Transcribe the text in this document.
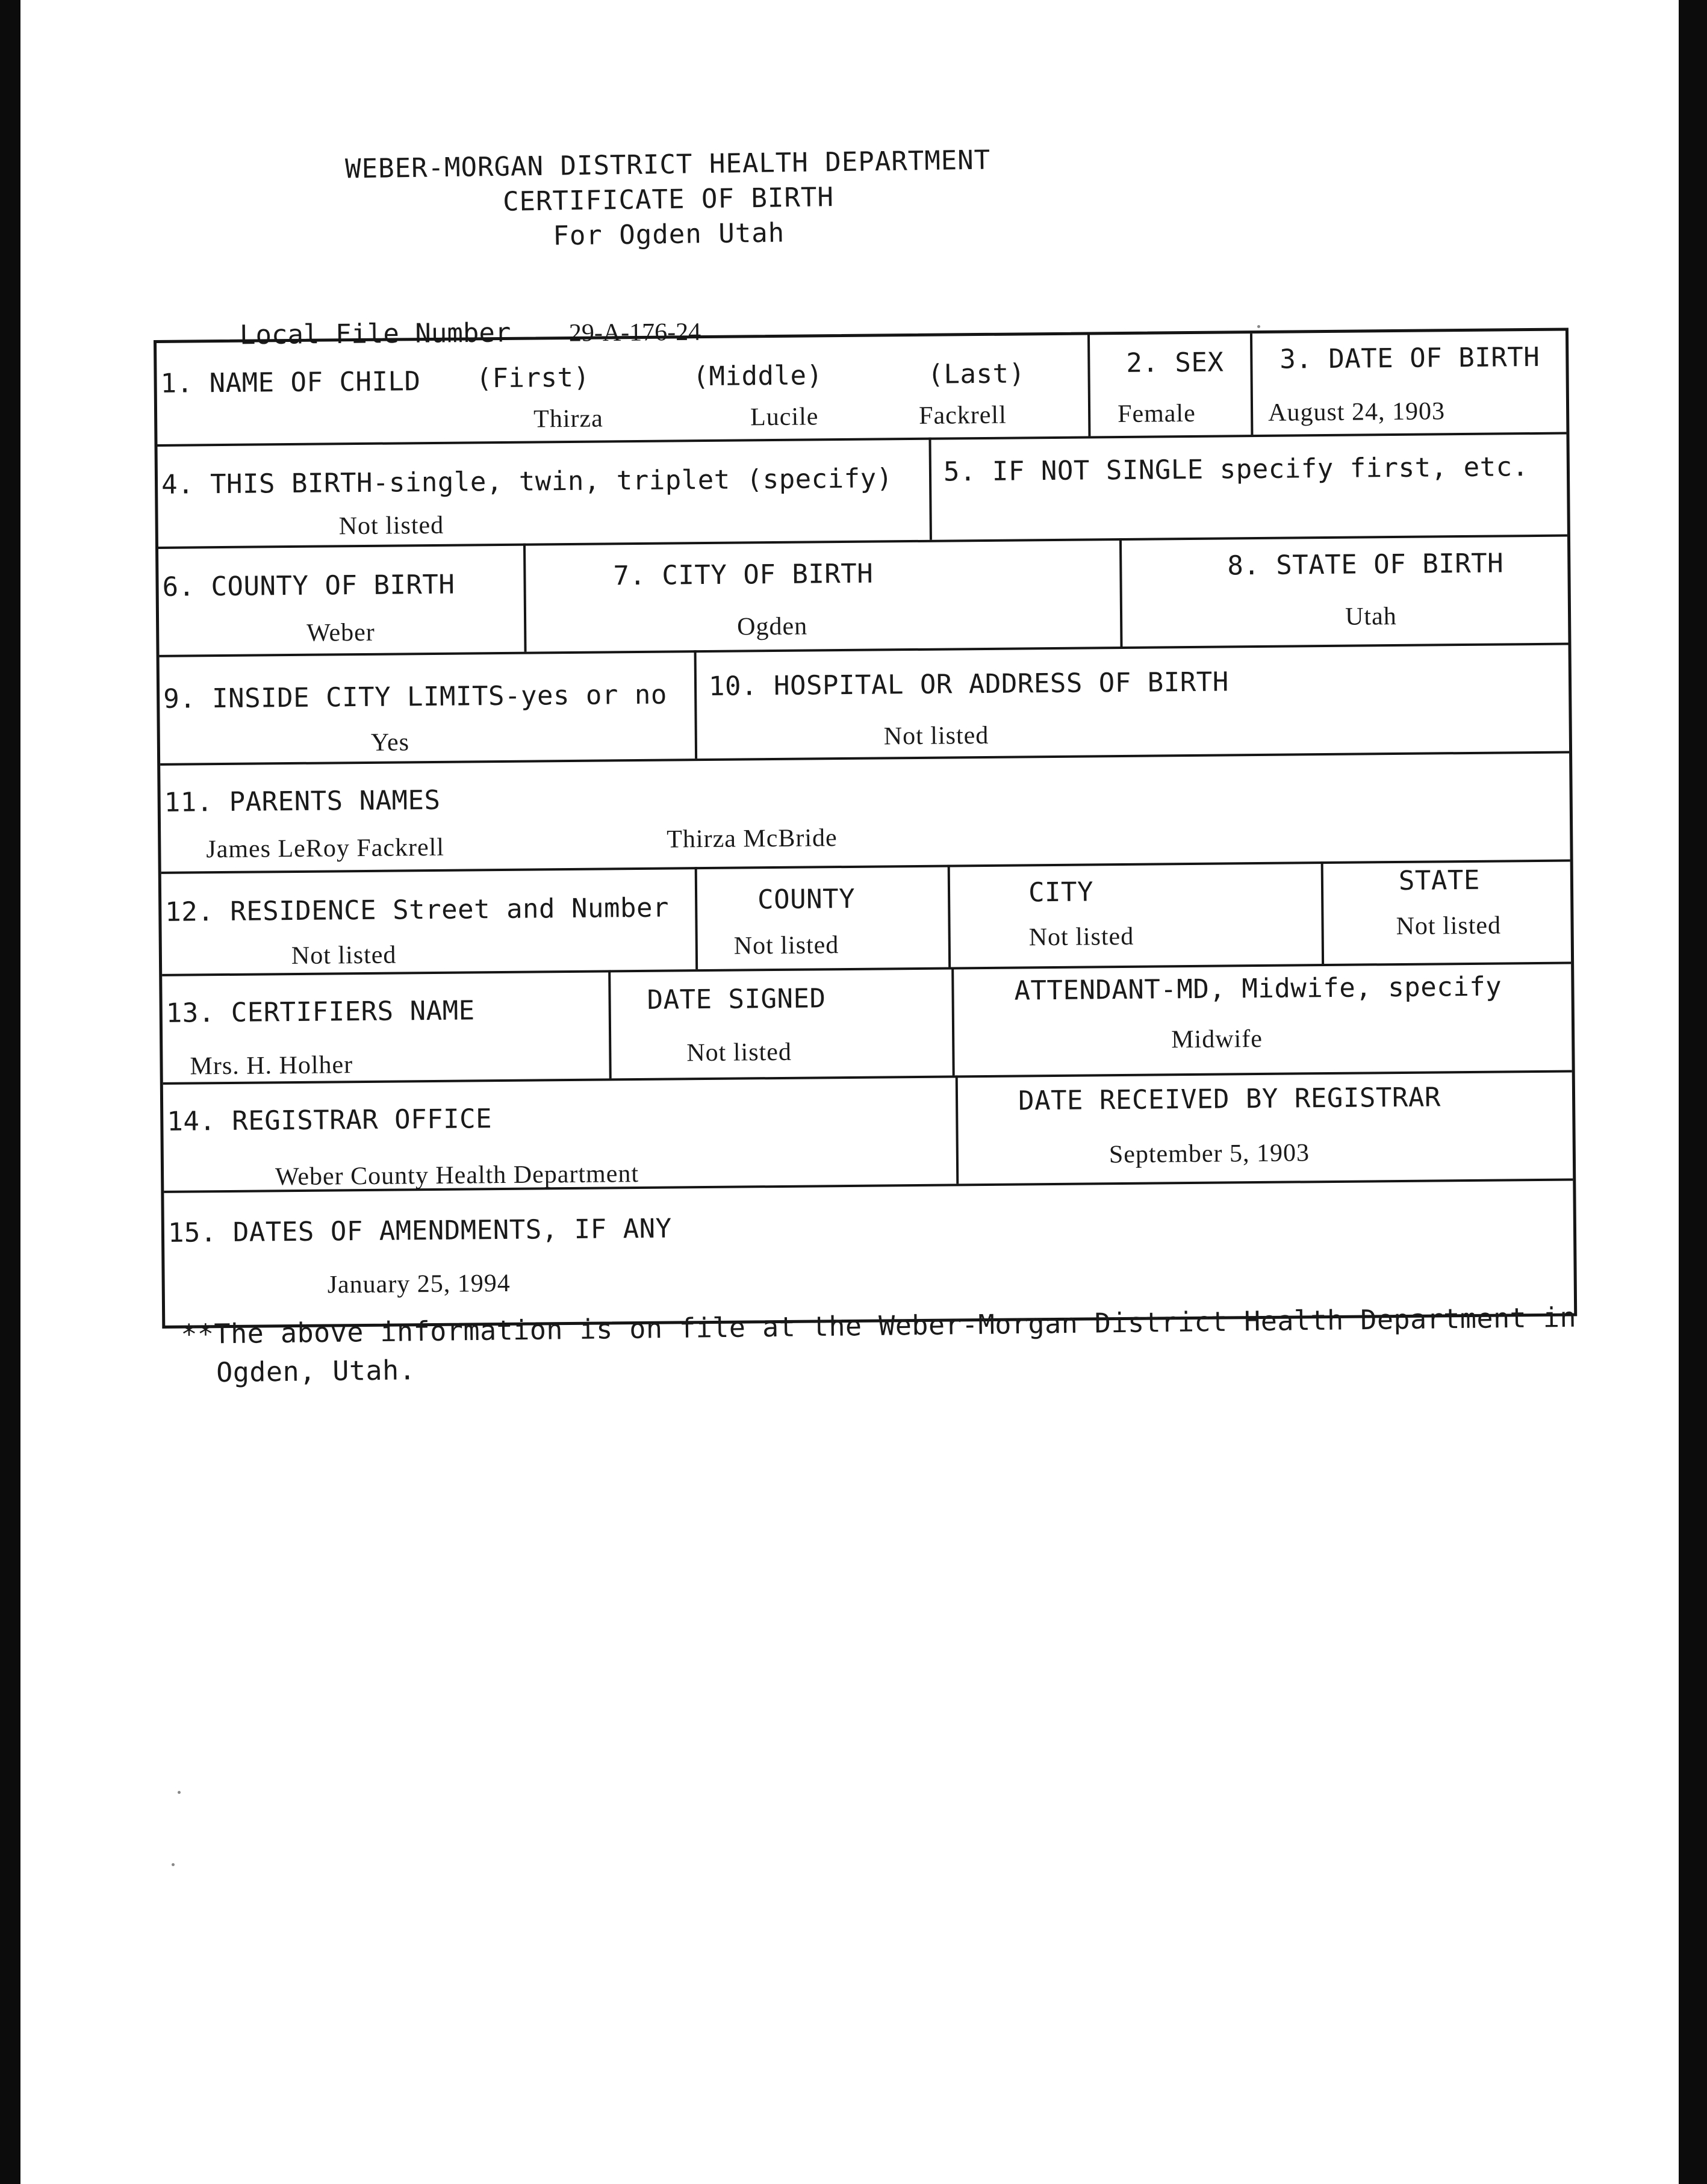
WEBER-MORGAN DISTRICT HEALTH DEPARTMENT
CERTIFICATE OF BIRTH
For Ogden Utah
Local File Number 29-A-176-24
1. NAME OF CHILD (First)	(Middle)	(Last)
Thirza	Lucile	Fackrell
2. SEX
Female
3. DATE OF BIRTH
August 24, 1903
4. THIS BIRTH-single, twin, triplet (specify)
Not listed
5. IF NOT SINGLE specify first, etc.
6. COUNTY OF BIRTH
Weber
7. CITY OF BIRTH
Ogden
8. STATE OF BIRTH
Utah
9. INSIDE CITY LIMITS-yes or no
Yes
10. HOSPITAL OR ADDRESS OF BIRTH
Not listed
11. PARENTS NAMES
James LeRoy Fackrell	Thirza McBride
12. RESIDENCE Street and Number
Not listed
COUNTY
Not listed
CITY
Not listed
STATE
Not listed
13. CERTIFIERS NAME
Mrs. H. Holher
DATE SIGNED
Not listed
ATTENDANT-MD, Midwife, specify
Midwife
14. REGISTRAR OFFICE
Weber County Health Department
DATE RECEIVED BY REGISTRAR
September 5, 1903
15. DATES OF AMENDMENTS, IF ANY
January 25, 1994
**The above information is on file at the Weber-Morgan District Health Department in
Ogden, Utah.
